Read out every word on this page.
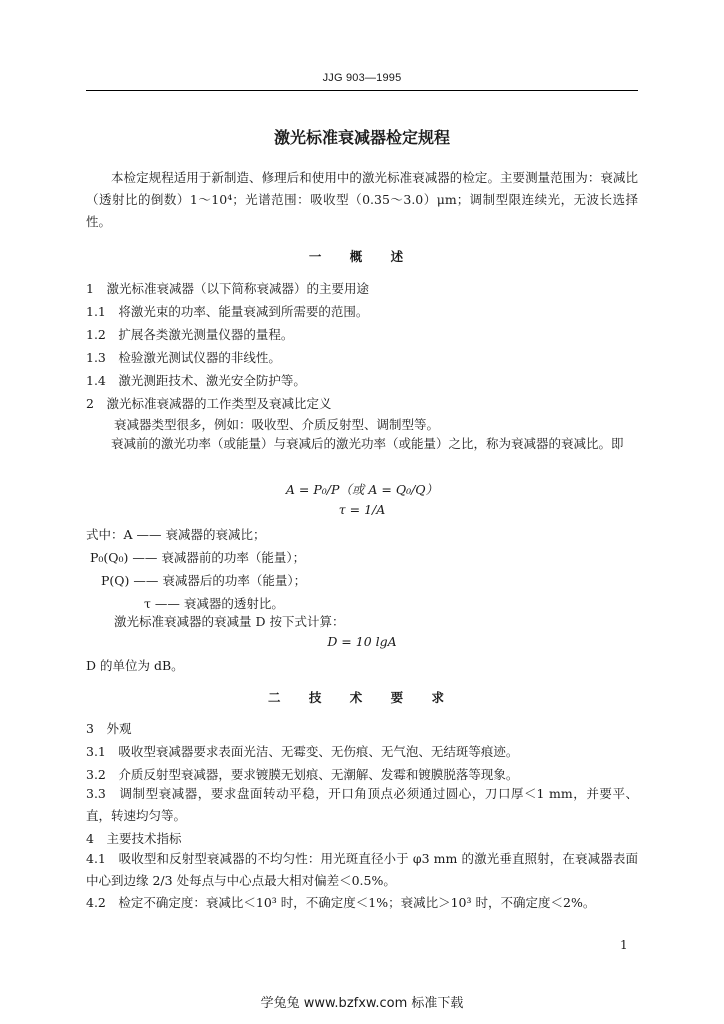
JJG 903—1995
激光标准衰减器检定规程
本检定规程适用于新制造、修理后和使用中的激光标准衰减器的检定。主要测量范围为：衰减比（透射比的倒数）1～10⁴；光谱范围：吸收型（0.35～3.0）μm；调制型限连续光，无波长选择性。
一 概 述
1　激光标准衰减器（以下简称衰减器）的主要用途
1.1　将激光束的功率、能量衰减到所需要的范围。
1.2　扩展各类激光测量仪器的量程。
1.3　检验激光测试仪器的非线性。
1.4　激光测距技术、激光安全防护等。
2　激光标准衰减器的工作类型及衰减比定义
衰减器类型很多，例如：吸收型、介质反射型、调制型等。
衰减前的激光功率（或能量）与衰减后的激光功率（或能量）之比，称为衰减器的衰减比。即
A = P₀/P（或 A = Q₀/Q）
τ = 1/A
式中：A —— 衰减器的衰减比；
P₀(Q₀) —— 衰减器前的功率（能量）；
P(Q) —— 衰减器后的功率（能量）；
τ —— 衰减器的透射比。
激光标准衰减器的衰减量 D 按下式计算：
D = 10 lgA
D 的单位为 dB。
二 技 术 要 求
3　外观
3.1　吸收型衰减器要求表面光洁、无霉变、无伤痕、无气泡、无结斑等痕迹。
3.2　介质反射型衰减器，要求镀膜无划痕、无潮解、发霉和镀膜脱落等现象。
3.3　调制型衰减器，要求盘面转动平稳，开口角顶点必须通过圆心，刀口厚＜1 mm，并要平、直，转速均匀等。
4　主要技术指标
4.1　吸收型和反射型衰减器的不均匀性：用光斑直径小于 φ3 mm 的激光垂直照射，在衰减器表面中心到边缘 2/3 处每点与中心点最大相对偏差＜0.5%。
4.2　检定不确定度：衰减比＜10³ 时，不确定度＜1%；衰减比＞10³ 时，不确定度＜2%。
1
学兔兔 www.bzfxw.com 标准下载
